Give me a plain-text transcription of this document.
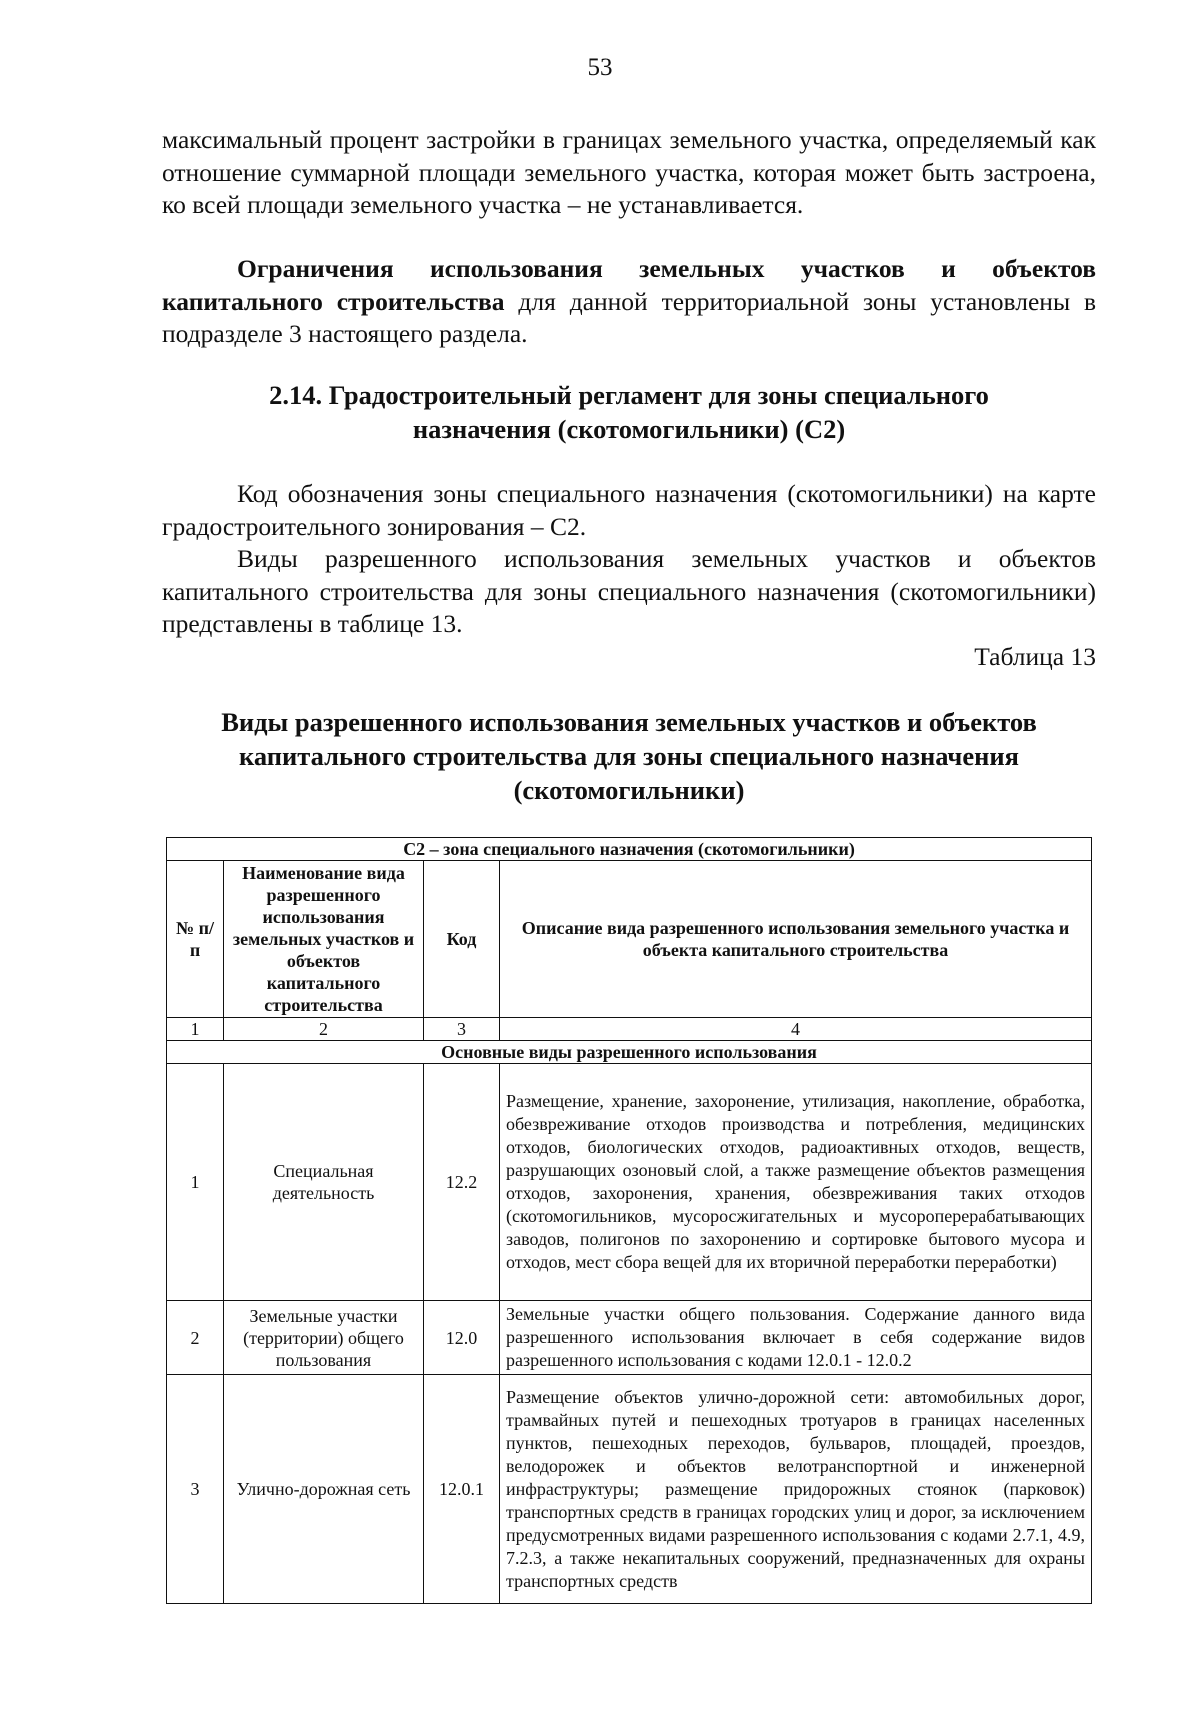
53

максимальный процент застройки в границах земельного участка, определяемый как отношение суммарной площади земельного участка, которая может быть застроена, ко всей площади земельного участка – не устанавливается.

Ограничения использования земельных участков и объектов капитального строительства для данной территориальной зоны установлены в подразделе 3 настоящего раздела.

2.14. Градостроительный регламент для зоны специального
назначения (скотомогильники) (С2)

Код обозначения зоны специального назначения (скотомогильники) на карте градостроительного зонирования – С2.

Виды разрешенного использования земельных участков и объектов капитального строительства для зоны специального назначения (скотомогильники) представлены в таблице 13.

Таблица 13
Виды разрешенного использования земельных участков и объектов
капитального строительства для зоны специального назначения
(скотомогильники)
С2 – зона специального назначения (скотомогильники)			
№ п/п	Наименование вида разрешенного использования земельных участков и объектов капитального строительства	Код	Описание вида разрешенного использования земельного участка и объекта капитального строительства
1	2	3	4
Основные виды разрешенного использования			
1	Специальная деятельность	12.2	Размещение, хранение, захоронение, утилизация, накопление, обработка, обезвреживание отходов производства и потребления, медицинских отходов, биологических отходов, радиоактивных отходов, веществ, разрушающих озоновый слой, а также размещение объектов размещения отходов, захоронения, хранения, обезвреживания таких отходов (скотомогильников, мусоросжигательных и мусороперерабатывающих заводов, полигонов по захоронению и сортировке бытового мусора и отходов, мест сбора вещей для их вторичной переработки переработки)
2	Земельные участки (территории) общего пользования	12.0	Земельные участки общего пользования. Содержание данного вида разрешенного использования включает в себя содержание видов разрешенного использования с кодами 12.0.1 - 12.0.2
3	Улично-дорожная сеть	12.0.1	Размещение объектов улично-дорожной сети: автомобильных дорог, трамвайных путей и пешеходных тротуаров в границах населенных пунктов, пешеходных переходов, бульваров, площадей, проездов, велодорожек и объектов велотранспортной и инженерной инфраструктуры; размещение придорожных стоянок (парковок) транспортных средств в границах городских улиц и дорог, за исключением предусмотренных видами разрешенного использования с кодами 2.7.1, 4.9, 7.2.3, а также некапитальных сооружений, предназначенных для охраны транспортных средств
